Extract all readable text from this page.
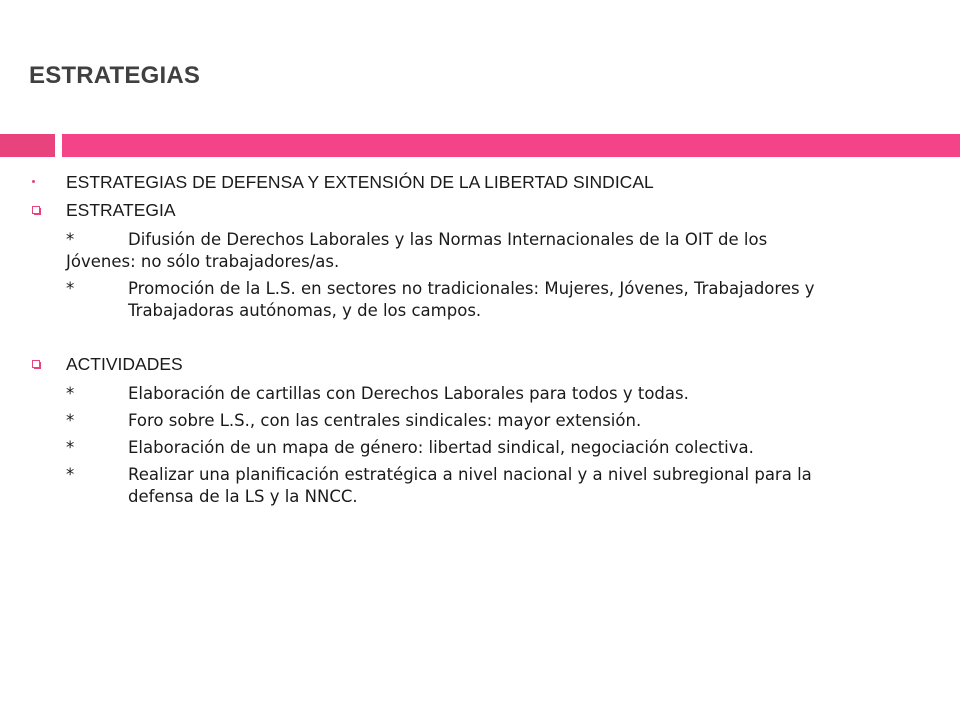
ESTRATEGIAS

ESTRATEGIAS DE DEFENSA Y EXTENSIÓN DE LA LIBERTAD SINDICAL

ESTRATEGIA

*	Difusión de Derechos Laborales y las Normas Internacionales de la OIT de los Jóvenes: no sólo trabajadores/as.

*	Promoción de la L.S. en sectores no tradicionales: Mujeres, Jóvenes, Trabajadores y Trabajadoras autónomas, y de los campos.

ACTIVIDADES

*	Elaboración de cartillas con Derechos Laborales para todos y todas.

*	Foro sobre L.S., con las centrales sindicales: mayor extensión.

*	Elaboración de un mapa de género: libertad sindical, negociación colectiva.

*	Realizar una planificación estratégica a nivel nacional y a nivel subregional para la defensa de la LS y la NNCC.
